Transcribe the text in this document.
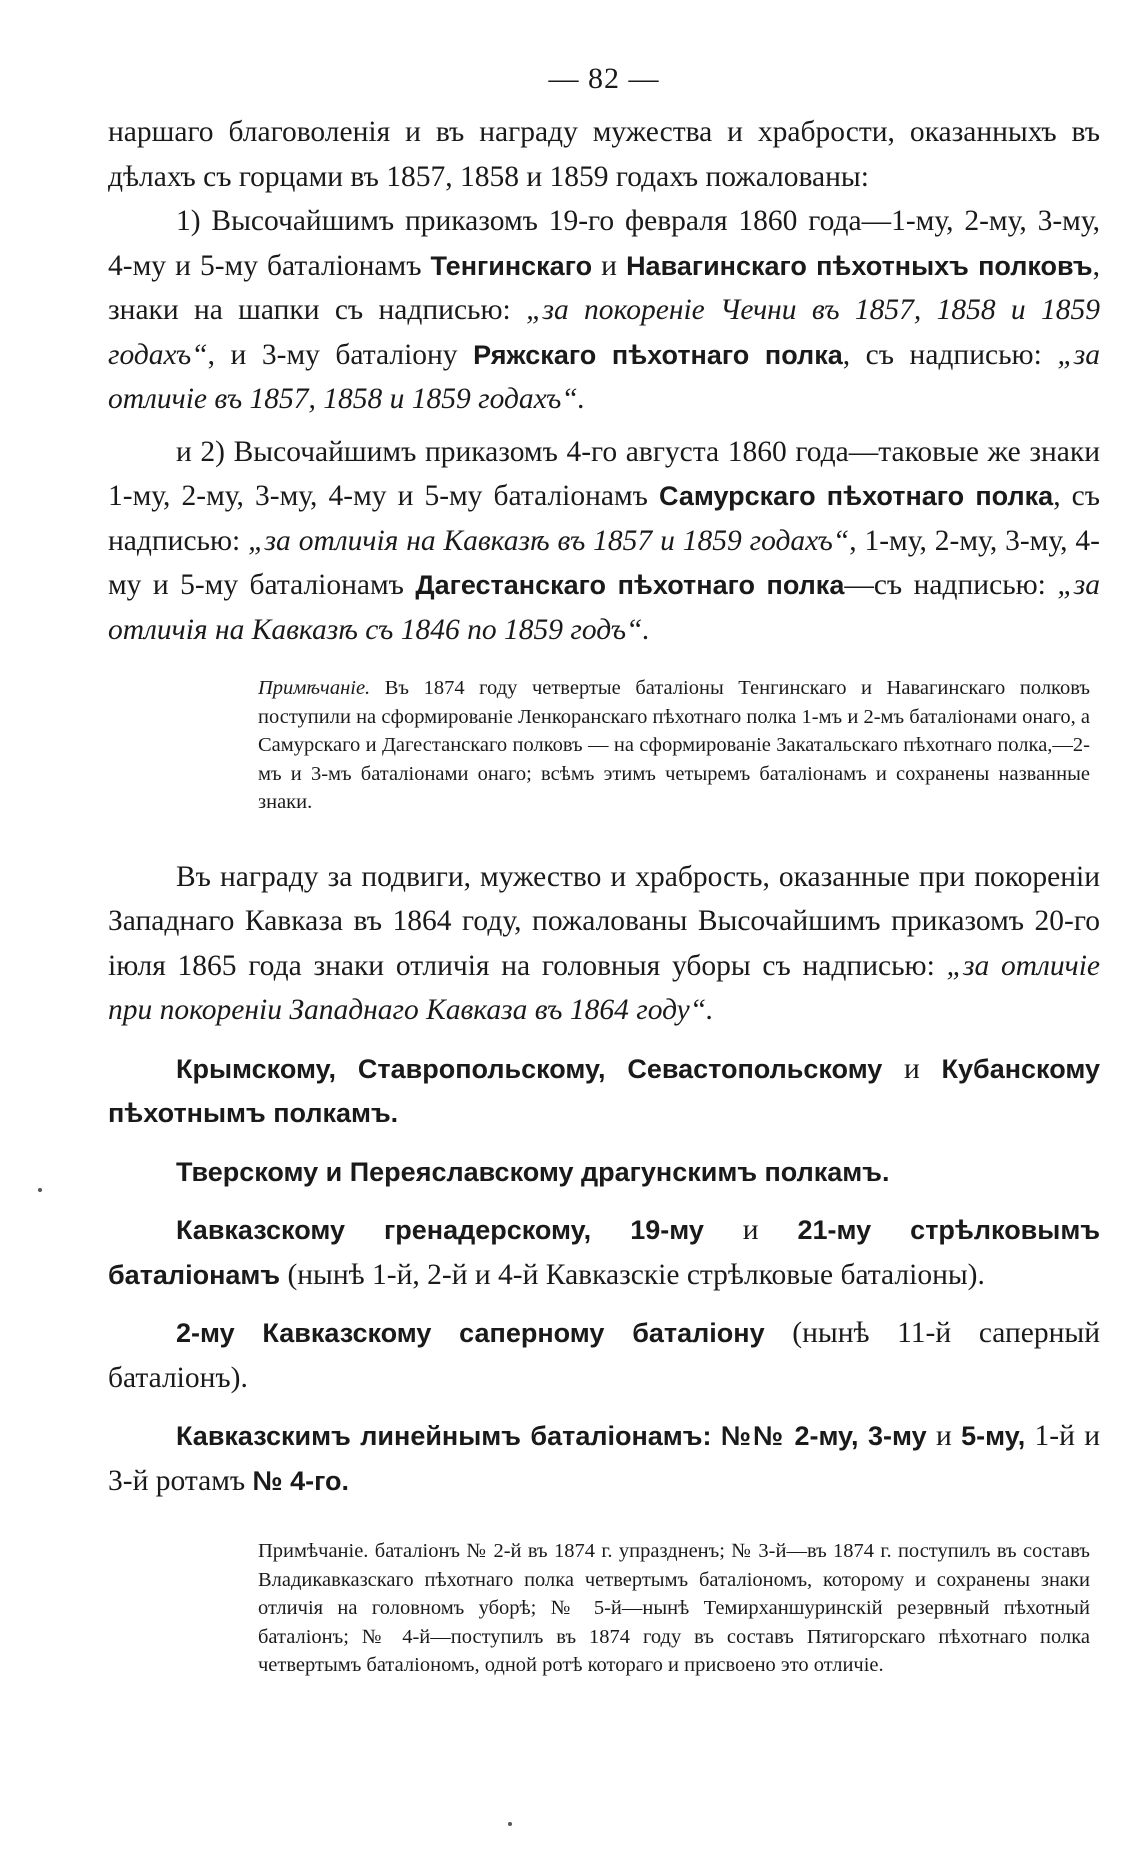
— 82 —

наршаго благоволенія и въ награду мужества и храбрости, оказанныхъ въ дѣлахъ съ горцами въ 1857, 1858 и 1859 годахъ пожалованы:

1) Высочайшимъ приказомъ 19-го февраля 1860 года—1-му, 2-му, 3-му, 4-му и 5-му баталіонамъ Тенгинскаго и Навагинскаго пѣхотныхъ полковъ, знаки на шапки съ надписью: „за покореніе Чечни въ 1857, 1858 и 1859 годахъ“, и 3-му баталіону Ряжскаго пѣхотнаго полка, съ надписью: „за отличіе въ 1857, 1858 и 1859 годахъ“.

и 2) Высочайшимъ приказомъ 4-го августа 1860 года—таковые же знаки 1-му, 2-му, 3-му, 4-му и 5-му баталіонамъ Самурскаго пѣхотнаго полка, съ надписью: „за отличія на Кавказѣ въ 1857 и 1859 годахъ“, 1-му, 2-му, 3-му, 4-му и 5-му баталіонамъ Дагестанскаго пѣхотнаго полка—съ надписью: „за отличія на Кавказѣ съ 1846 по 1859 годъ“.

Примѣчаніе. Въ 1874 году четвертые баталіоны Тенгинскаго и Навагинскаго полковъ поступили на сформированіе Ленкоранскаго пѣхотнаго полка 1-мъ и 2-мъ баталіонами онаго, а Самурскаго и Дагестанскаго полковъ — на сформированіе Закатальскаго пѣхотнаго полка,—2-мъ и 3-мъ баталіонами онаго; всѣмъ этимъ четыремъ баталіонамъ и сохранены названные знаки.

Въ награду за подвиги, мужество и храбрость, оказанные при покореніи Западнаго Кавказа въ 1864 году, пожалованы Высочайшимъ приказомъ 20-го іюля 1865 года знаки отличія на головныя уборы съ надписью: „за отличіе при покореніи Западнаго Кавказа въ 1864 году“.

Крымскому, Ставропольскому, Севастопольскому и Кубанскому пѣхотнымъ полкамъ.

Тверскому и Переяславскому драгунскимъ полкамъ.

Кавказскому гренадерскому, 19-му и 21-му стрѣлковымъ баталіонамъ (нынѣ 1-й, 2-й и 4-й Кавказскіе стрѣлковые баталіоны).

2-му Кавказскому саперному баталіону (нынѣ 11-й саперный баталіонъ).

Кавказскимъ линейнымъ баталіонамъ: №№ 2-му, 3-му и 5-му, 1-й и 3-й ротамъ № 4-го.

Примѣчаніе. баталіонъ № 2-й въ 1874 г. упраздненъ; № 3-й—въ 1874 г. поступилъ въ составъ Владикавказскаго пѣхотнаго полка четвертымъ баталіономъ, которому и сохранены знаки отличія на головномъ уборѣ; № 5-й—нынѣ Темирханшуринскій резервный пѣхотный баталіонъ; № 4-й—поступилъ въ 1874 году въ составъ Пятигорскаго пѣхотнаго полка четвертымъ баталіономъ, одной ротѣ котораго и присвоено это отличіе.
